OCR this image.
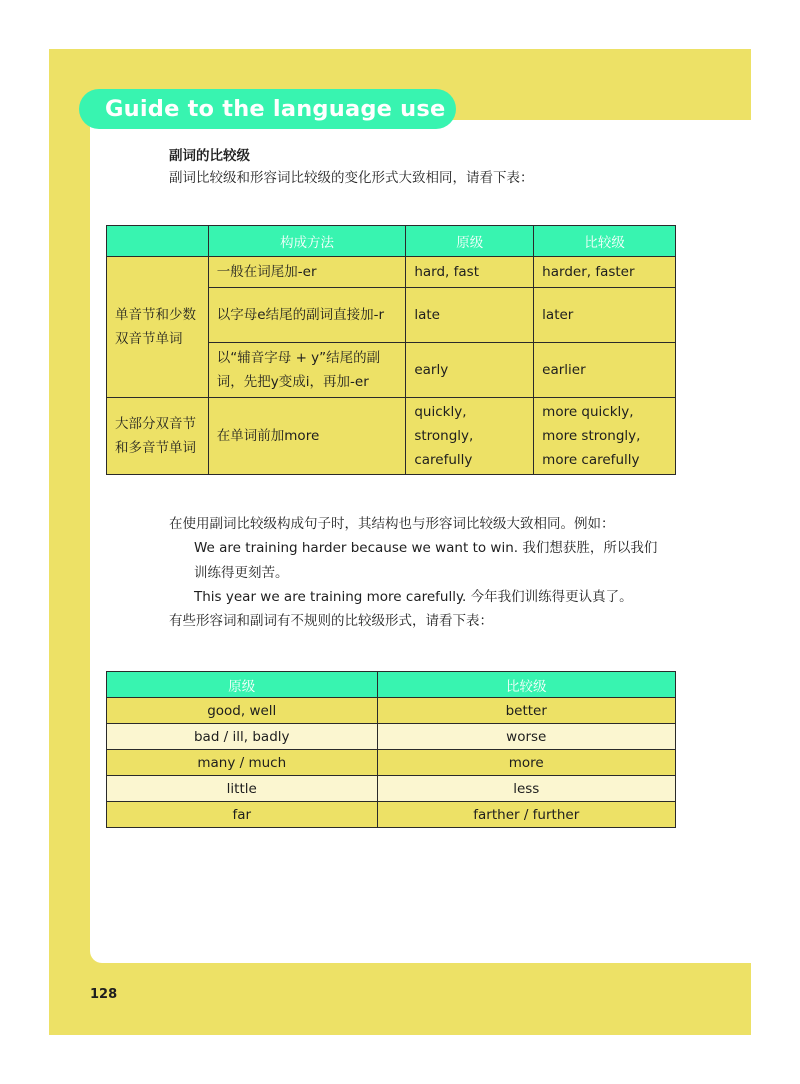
Guide to the language use
副词的比较级
副词比较级和形容词比较级的变化形式大致相同，请看下表：
	构成方法	原级	比较级
单音节和少数双音节单词	一般在词尾加-er	hard, fast	harder, faster
	以字母e结尾的副词直接加-r	late	later
	以“辅音字母 + y”结尾的副词，先把y变成i，再加-er	early	earlier
大部分双音节和多音节单词	在单词前加more	quickly, strongly, carefully	more quickly, more strongly, more carefully
在使用副词比较级构成句子时，其结构也与形容词比较级大致相同。例如：
We are training harder because we want to win. 我们想获胜，所以我们
训练得更刻苦。
This year we are training more carefully. 今年我们训练得更认真了。
有些形容词和副词有不规则的比较级形式，请看下表：
原级	比较级
good, well	better
bad / ill, badly	worse
many / much	more
little	less
far	farther / further
128
